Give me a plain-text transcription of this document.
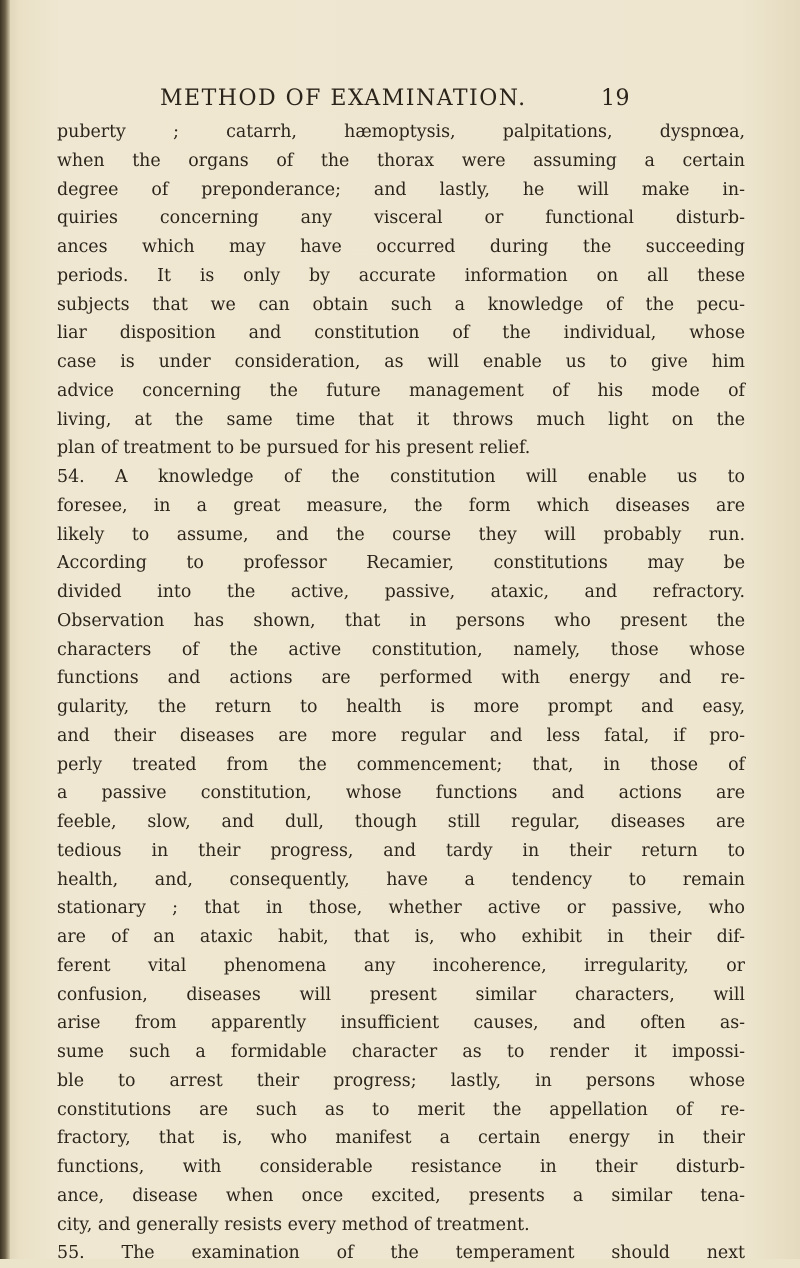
METHOD OF EXAMINATION.	19
puberty ; catarrh, hæmoptysis, palpitations, dyspnœa,
when the organs of the thorax were assuming a certain
degree of preponderance; and lastly, he will make in-
quiries concerning any visceral or functional disturb-
ances which may have occurred during the succeeding
periods. It is only by accurate information on all these
subjects that we can obtain such a knowledge of the pecu-
liar disposition and constitution of the individual, whose
case is under consideration, as will enable us to give him
advice concerning the future management of his mode of
living, at the same time that it throws much light on the
plan of treatment to be pursued for his present relief.
54. A knowledge of the constitution will enable us to
foresee, in a great measure, the form which diseases are
likely to assume, and the course they will probably run.
According to professor Recamier, constitutions may be
divided into the active, passive, ataxic, and refractory.
Observation has shown, that in persons who present the
characters of the active constitution, namely, those whose
functions and actions are performed with energy and re-
gularity, the return to health is more prompt and easy,
and their diseases are more regular and less fatal, if pro-
perly treated from the commencement; that, in those of
a passive constitution, whose functions and actions are
feeble, slow, and dull, though still regular, diseases are
tedious in their progress, and tardy in their return to
health, and, consequently, have a tendency to remain
stationary ; that in those, whether active or passive, who
are of an ataxic habit, that is, who exhibit in their dif-
ferent vital phenomena any incoherence, irregularity, or
confusion, diseases will present similar characters, will
arise from apparently insufficient causes, and often as-
sume such a formidable character as to render it impossi-
ble to arrest their progress; lastly, in persons whose
constitutions are such as to merit the appellation of re-
fractory, that is, who manifest a certain energy in their
functions, with considerable resistance in their disturb-
ance, disease when once excited, presents a similar tena-
city, and generally resists every method of treatment.
55. The examination of the temperament should next
